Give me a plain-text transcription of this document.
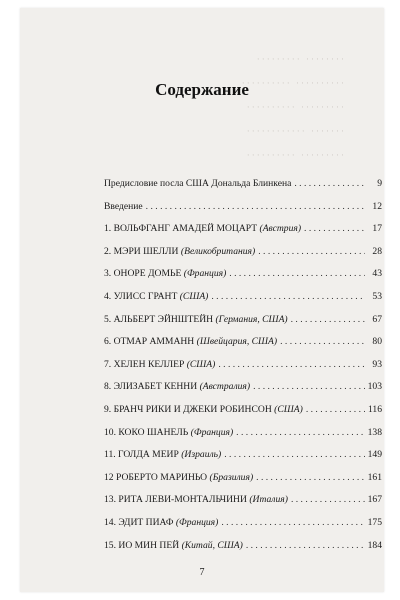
········· ········
·········· ··········
·········· ·········
············ ·······
·········· ·········
Содержание
Предисловие посла США Дональда Блинкена . . .	9
Введение . . .	12
1. ВОЛЬФГАНГ АМАДЕЙ МОЦАРТ (Австрия) . . .	17
2. МЭРИ ШЕЛЛИ (Великобритания) . . .	28
3. ОНОРЕ ДОМЬЕ (Франция) . . .	43
4. УЛИСС ГРАНТ (США) . . .	53
5. АЛЬБЕРТ ЭЙНШТЕЙН (Германия, США) . . .	67
6. ОТМАР АММАНН (Швейцария, США) . . .	80
7. ХЕЛЕН КЕЛЛЕР (США) . . .	93
8. ЭЛИЗАБЕТ КЕННИ (Австралия) . . .	103
9. БРАНЧ РИКИ И ДЖЕКИ РОБИНСОН (США) . . .	116
10. КОКО ШАНЕЛЬ (Франция) . . .	138
11. ГОЛДА МЕИР (Израиль) . . .	149
12 РОБЕРТО МАРИНЬО (Бразилия) . . .	161
13. РИТА ЛЕВИ-МОНТАЛЬЧИНИ (Италия) . . .	167
14. ЭДИТ ПИАФ (Франция) . . .	175
15. ИО МИН ПЕЙ (Китай, США) . . .	184
7
